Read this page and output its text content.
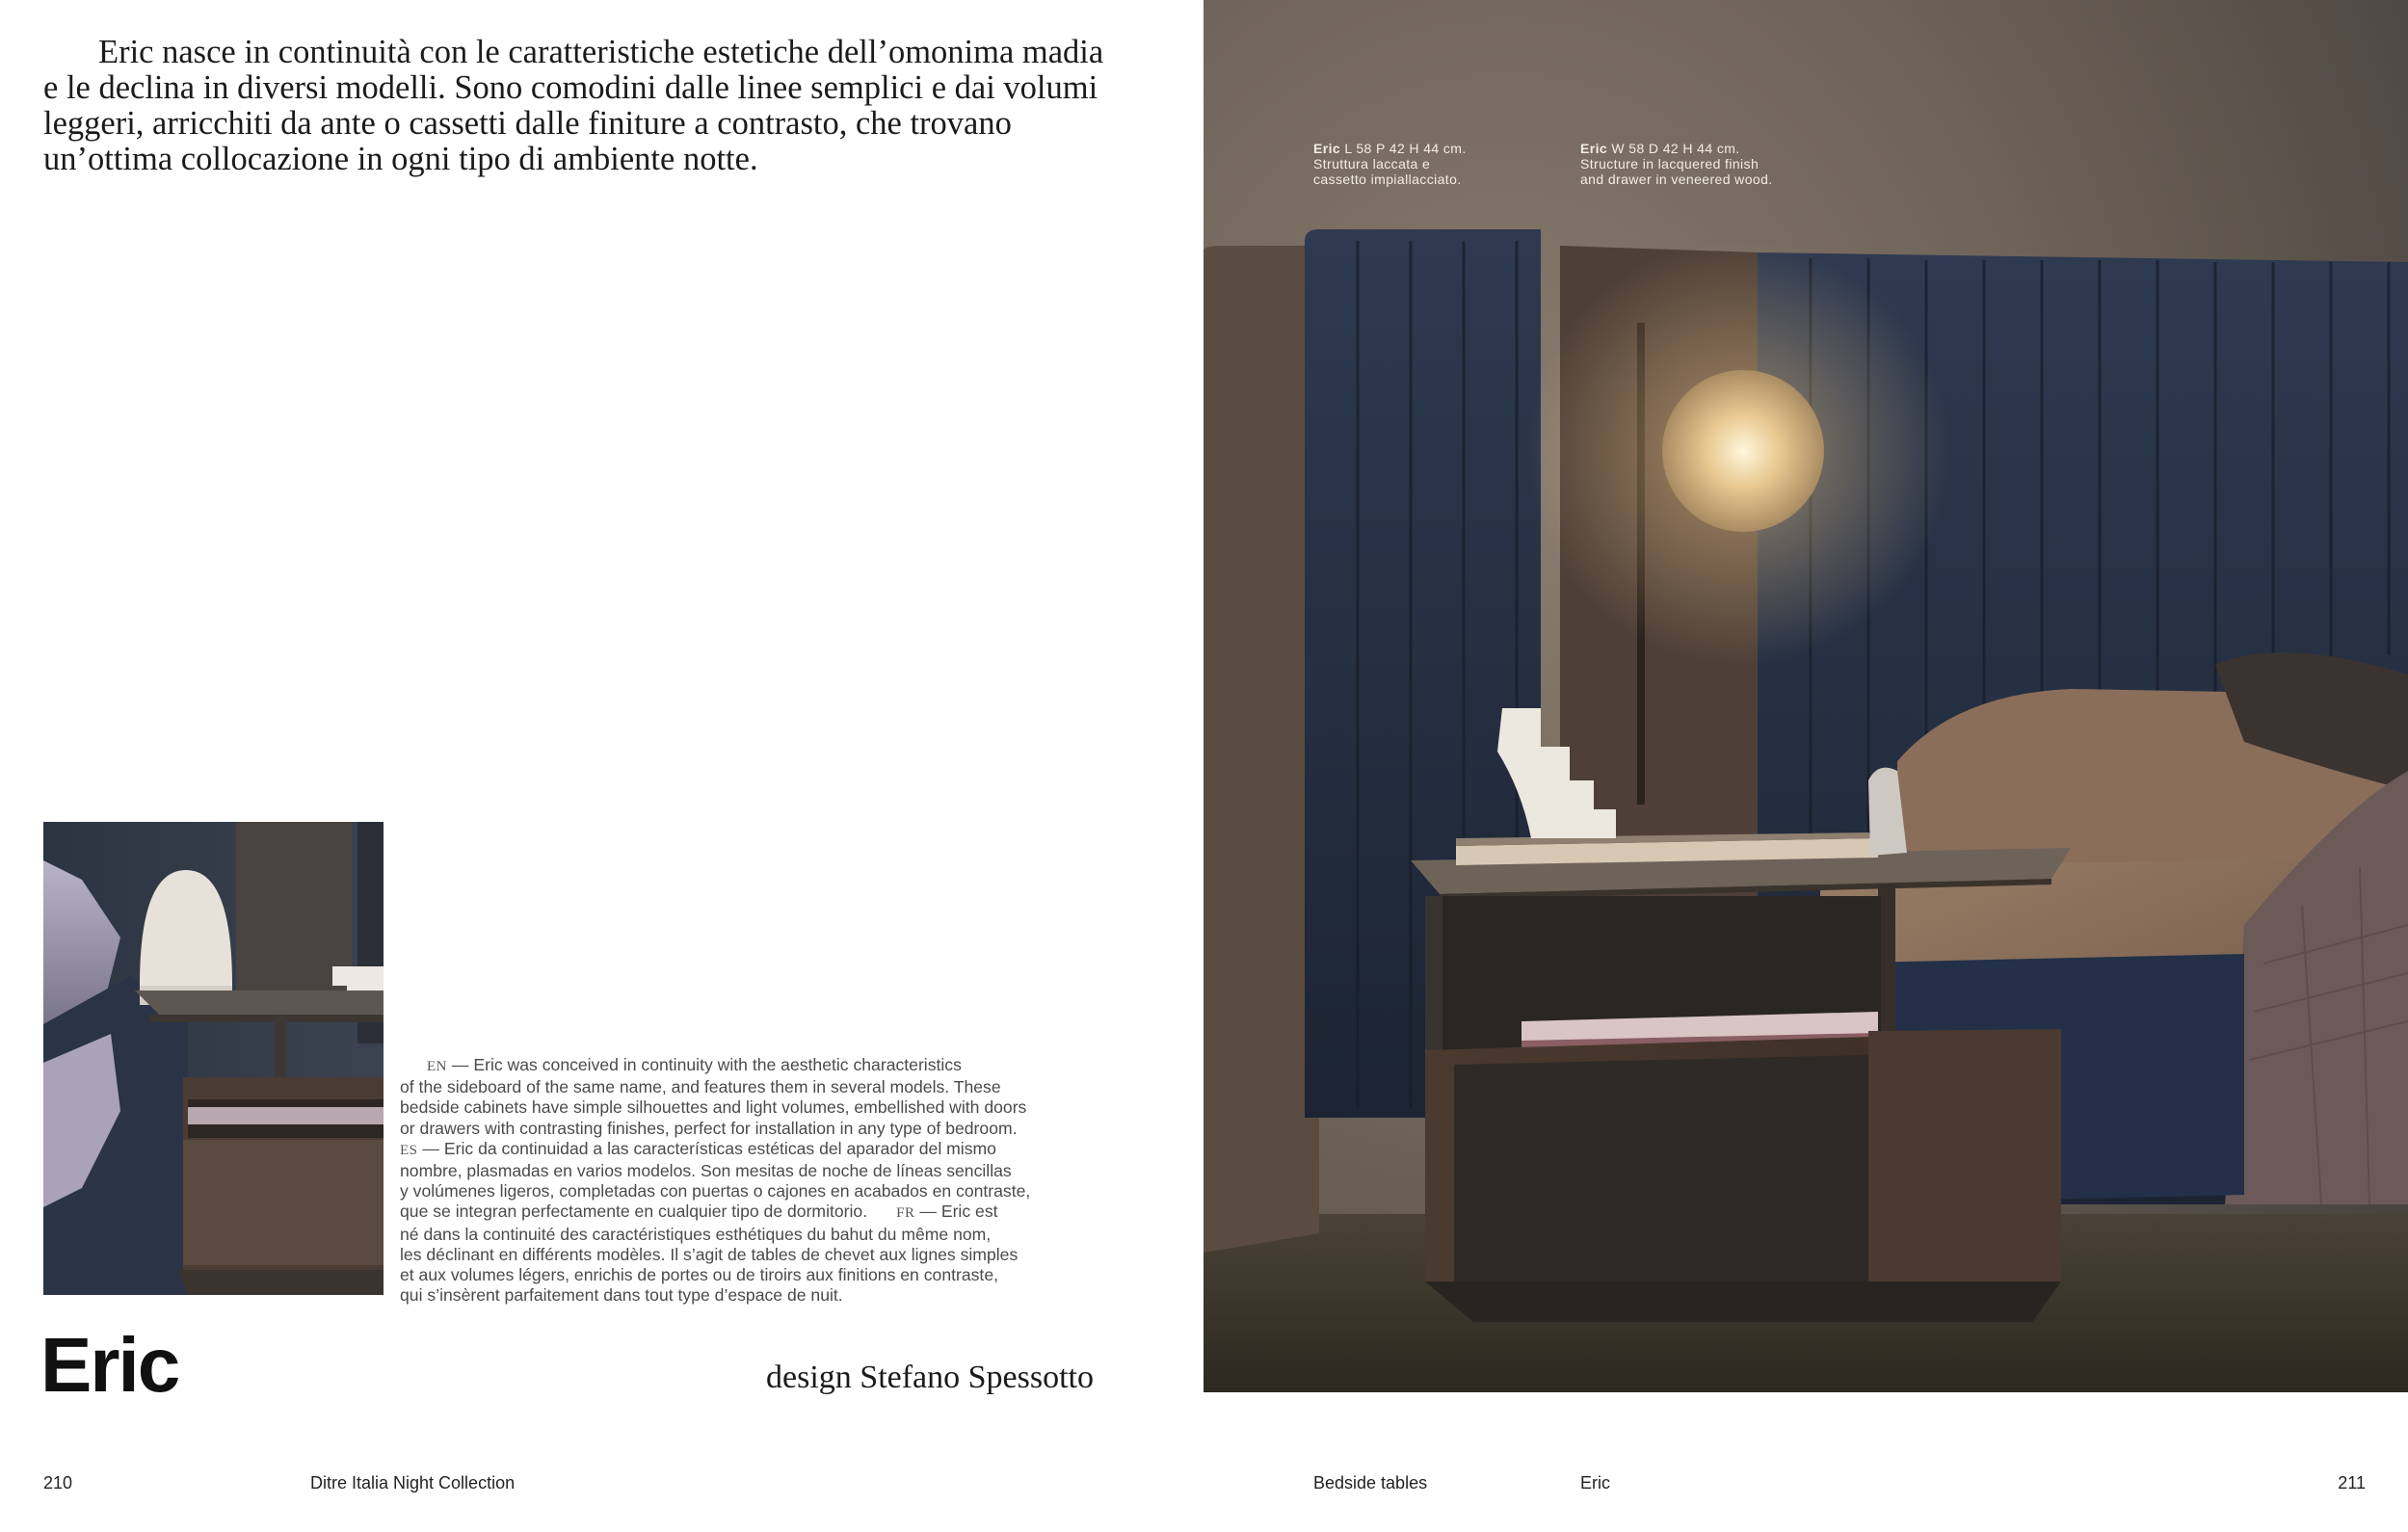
Eric nasce in continuità con le caratteristiche estetiche dell’omonima madia e le declina in diversi modelli. Sono comodini dalle linee semplici e dai volumi leggeri, arricchiti da ante o cassetti dalle finiture a contrasto, che trovano un’ottima collocazione in ogni tipo di ambiente notte.

EN — Eric was conceived in continuity with the aesthetic characteristics
of the sideboard of the same name, and features them in several models. These
bedside cabinets have simple silhouettes and light volumes, embellished with doors
or drawers with contrasting finishes, perfect for installation in any type of bedroom.
ES — Eric da continuidad a las características estéticas del aparador del mismo
nombre, plasmadas en varios modelos. Son mesitas de noche de líneas sencillas
y volúmenes ligeros, completadas con puertas o cajones en acabados en contraste,
que se integran perfectamente en cualquier tipo de dormitorio. FR — Eric est
né dans la continuité des caractéristiques esthétiques du bahut du même nom,
les déclinant en différents modèles. Il s’agit de tables de chevet aux lignes simples
et aux volumes légers, enrichis de portes ou de tiroirs aux finitions en contraste,
qui s’insèrent parfaitement dans tout type d’espace de nuit.
Eric	design Stefano Spessotto
210	Ditre Italia Night Collection
Eric L 58 P 42 H 44 cm.
Struttura laccata e
cassetto impiallacciato.
Eric W 58 D 42 H 44 cm.
Structure in lacquered finish
and drawer in veneered wood.
Bedside tables	Eric	211
